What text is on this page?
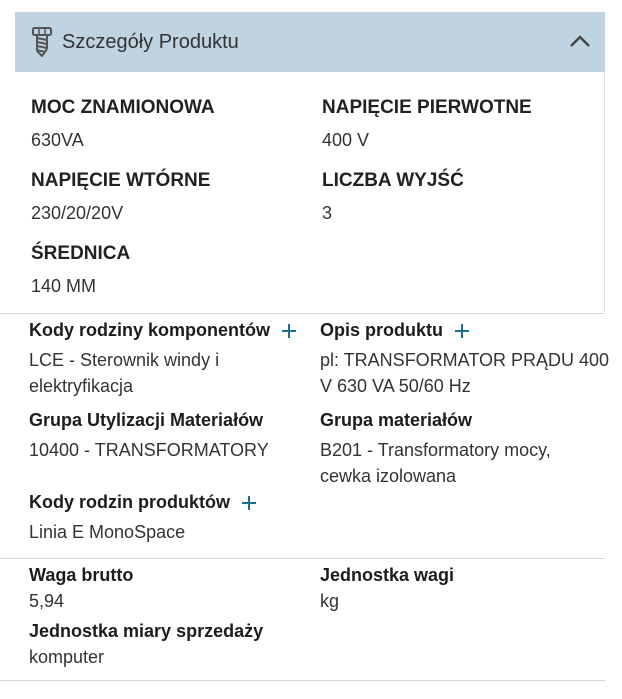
Szczegóły Produktu
MOC ZNAMIONOWA
630VA
NAPIĘCIE PIERWOTNE
400 V
NAPIĘCIE WTÓRNE
230/20/20V
LICZBA WYJŚĆ
3
ŚREDNICA
140 MM
Kody rodziny komponentów
LCE - Sterownik windy i
elektryfikacja
Opis produktu
pl: TRANSFORMATOR PRĄDU 400
V 630 VA 50/60 Hz
Grupa Utylizacji Materiałów
10400 - TRANSFORMATORY
Grupa materiałów
B201 - Transformatory mocy,
cewka izolowana
Kody rodzin produktów
Linia E MonoSpace
Waga brutto
5,94
Jednostka wagi
kg
Jednostka miary sprzedaży
komputer
